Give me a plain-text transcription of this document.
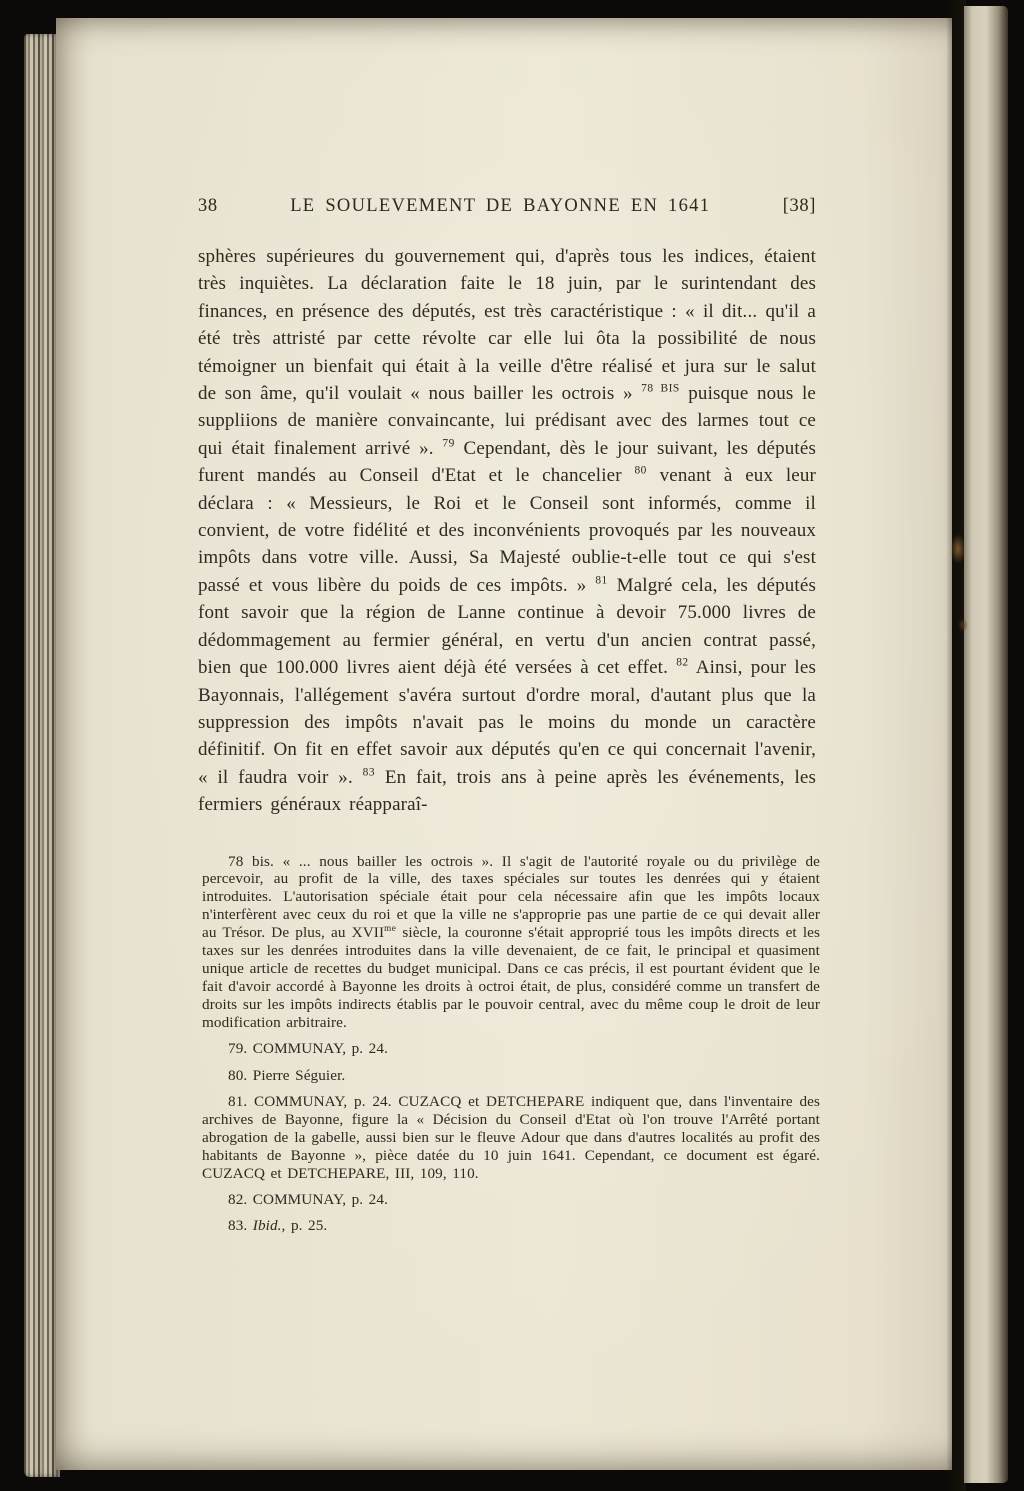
38	LE SOULEVEMENT DE BAYONNE EN 1641	[38]
sphères supérieures du gouvernement qui, d'après tous les indices, étaient très inquiètes. La déclaration faite le 18 juin, par le surintendant des finances, en présence des députés, est très caractéristique : « il dit... qu'il a été très attristé par cette révolte car elle lui ôta la possibilité de nous témoigner un bienfait qui était à la veille d'être réalisé et jura sur le salut de son âme, qu'il voulait « nous bailler les octrois » $^{78 BIS}$ puisque nous le suppliions de manière convaincante, lui prédisant avec des larmes tout ce qui était finalement arrivé ». $^{79}$ Cependant, dès le jour suivant, les députés furent mandés au Conseil d'Etat et le chancelier $^{80}$ venant à eux leur déclara : « Messieurs, le Roi et le Conseil sont informés, comme il convient, de votre fidélité et des inconvénients provoqués par les nouveaux impôts dans votre ville. Aussi, Sa Majesté oublie-t-elle tout ce qui s'est passé et vous libère du poids de ces impôts. » $^{81}$ Malgré cela, les députés font savoir que la région de Lanne continue à devoir 75.000 livres de dédommagement au fermier général, en vertu d'un ancien contrat passé, bien que 100.000 livres aient déjà été versées à cet effet. $^{82}$ Ainsi, pour les Bayonnais, l'allégement s'avéra surtout d'ordre moral, d'autant plus que la suppression des impôts n'avait pas le moins du monde un caractère définitif. On fit en effet savoir aux députés qu'en ce qui concernait l'avenir, « il faudra voir ». $^{83}$ En fait, trois ans à peine après les événements, les fermiers généraux réapparaî-

78 bis. « ... nous bailler les octrois ». Il s'agit de l'autorité royale ou du privilège de percevoir, au profit de la ville, des taxes spéciales sur toutes les denrées qui y étaient introduites. L'autorisation spéciale était pour cela nécessaire afin que les impôts locaux n'interfèrent avec ceux du roi et que la ville ne s'approprie pas une partie de ce qui devait aller au Trésor. De plus, au $XVII^{me}$ siècle, la couronne s'était approprié tous les impôts directs et les taxes sur les denrées introduites dans la ville devenaient, de ce fait, le principal et quasiment unique article de recettes du budget municipal. Dans ce cas précis, il est pourtant évident que le fait d'avoir accordé à Bayonne les droits à octroi était, de plus, considéré comme un transfert de droits sur les impôts indirects établis par le pouvoir central, avec du même coup le droit de leur modification arbitraire.

79. COMMUNAY, p. 24.

80. Pierre Séguier.

81. COMMUNAY, p. 24. CUZACQ et DETCHEPARE indiquent que, dans l'inventaire des archives de Bayonne, figure la « Décision du Conseil d'Etat où l'on trouve l'Arrêté portant abrogation de la gabelle, aussi bien sur le fleuve Adour que dans d'autres localités au profit des habitants de Bayonne », pièce datée du 10 juin 1641. Cependant, ce document est égaré. CUZACQ et DETCHEPARE, III, 109, 110.

82. COMMUNAY, p. 24.

83. Ibid., p. 25.
